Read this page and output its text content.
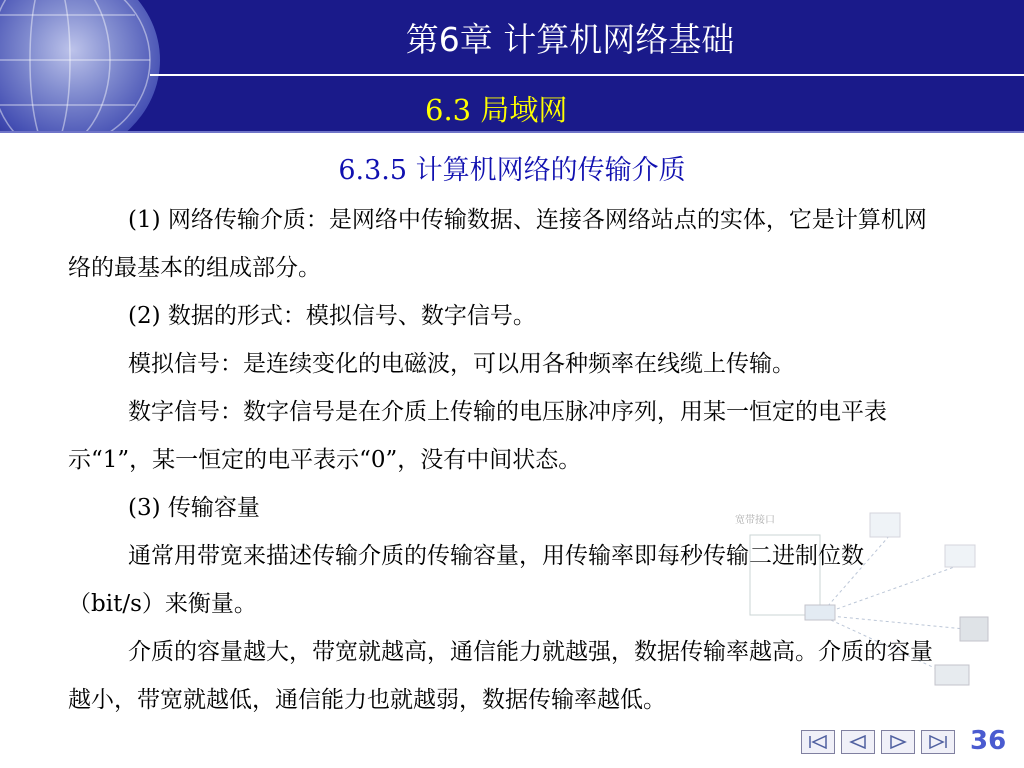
第6章 计算机网络基础
6.3 局域网
6.3.5 计算机网络的传输介质
宽带接口

(1) 网络传输介质：是网络中传输数据、连接各网络站点的实体，它是计算机网络的最基本的组成部分。

(2) 数据的形式：模拟信号、数字信号。

模拟信号：是连续变化的电磁波，可以用各种频率在线缆上传输。

数字信号：数字信号是在介质上传输的电压脉冲序列，用某一恒定的电平表示“1”，某一恒定的电平表示“0”，没有中间状态。

(3) 传输容量

通常用带宽来描述传输介质的传输容量，用传输率即每秒传输二进制位数（bit/s）来衡量。

介质的容量越大，带宽就越高，通信能力就越强，数据传输率越高。介质的容量越小，带宽就越低，通信能力也就越弱，数据传输率越低。

36
